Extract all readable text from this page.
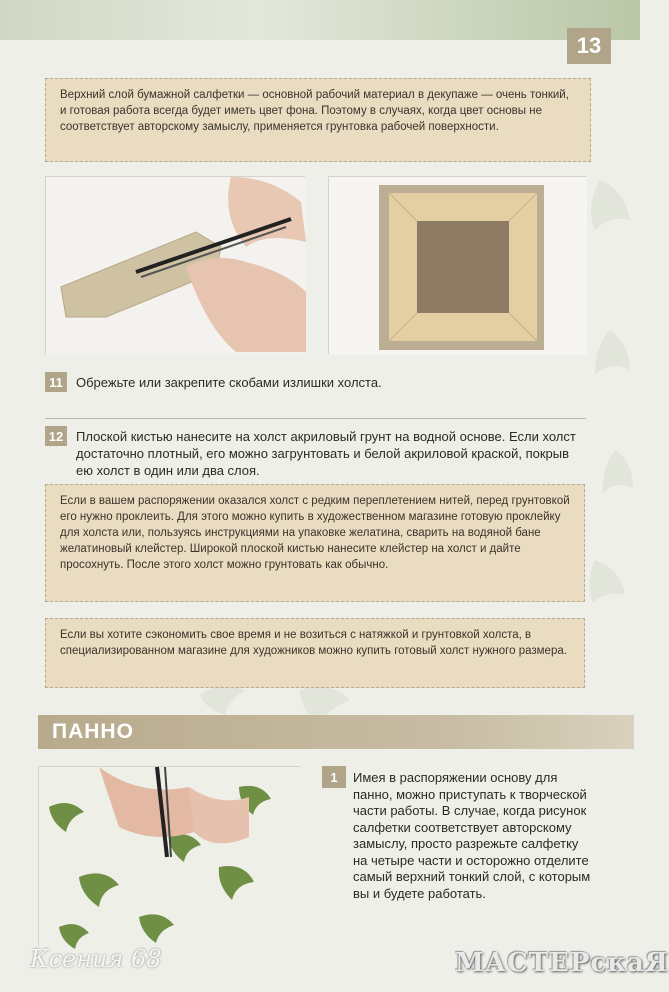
13
Верхний слой бумажной салфетки — основной рабочий материал в декупаже — очень тонкий, и готовая работа всегда будет иметь цвет фона. Поэтому в случаях, когда цвет основы не соответствует авторскому замыслу, применяется грунтовка рабочей поверхности.
11	Обрежьте или закрепите скобами излишки холста.
12 Плоской кистью нанесите на холст акриловый грунт на водной основе. Если холст достаточно плотный, его можно загрунтовать и белой акриловой краской, покрыв ею холст в один или два слоя.
Если в вашем распоряжении оказался холст с редким переплетением нитей, перед грунтовкой его нужно проклеить. Для этого можно купить в художественном магазине готовую проклейку для холста или, пользуясь инструкциями на упаковке желатина, сварить на водяной бане желатиновый клейстер. Широкой плоской кистью нанесите клейстер на холст и дайте просохнуть. После этого холст можно грунтовать как обычно.
Если вы хотите сэкономить свое время и не возиться с натяжкой и грунтовкой холста, в специализированном магазине для художников можно купить готовый холст нужного размера.
ПАННО
1	Имея в распоряжении основу для панно, можно приступать к творческой части работы. В случае, когда рисунок салфетки соответствует авторскому замыслу, просто разрежьте салфетку на четыре части и осторожно отделите самый верхний тонкий слой, с которым вы и будете работать.
Ксения 68	МАСТЕРскаЯ
